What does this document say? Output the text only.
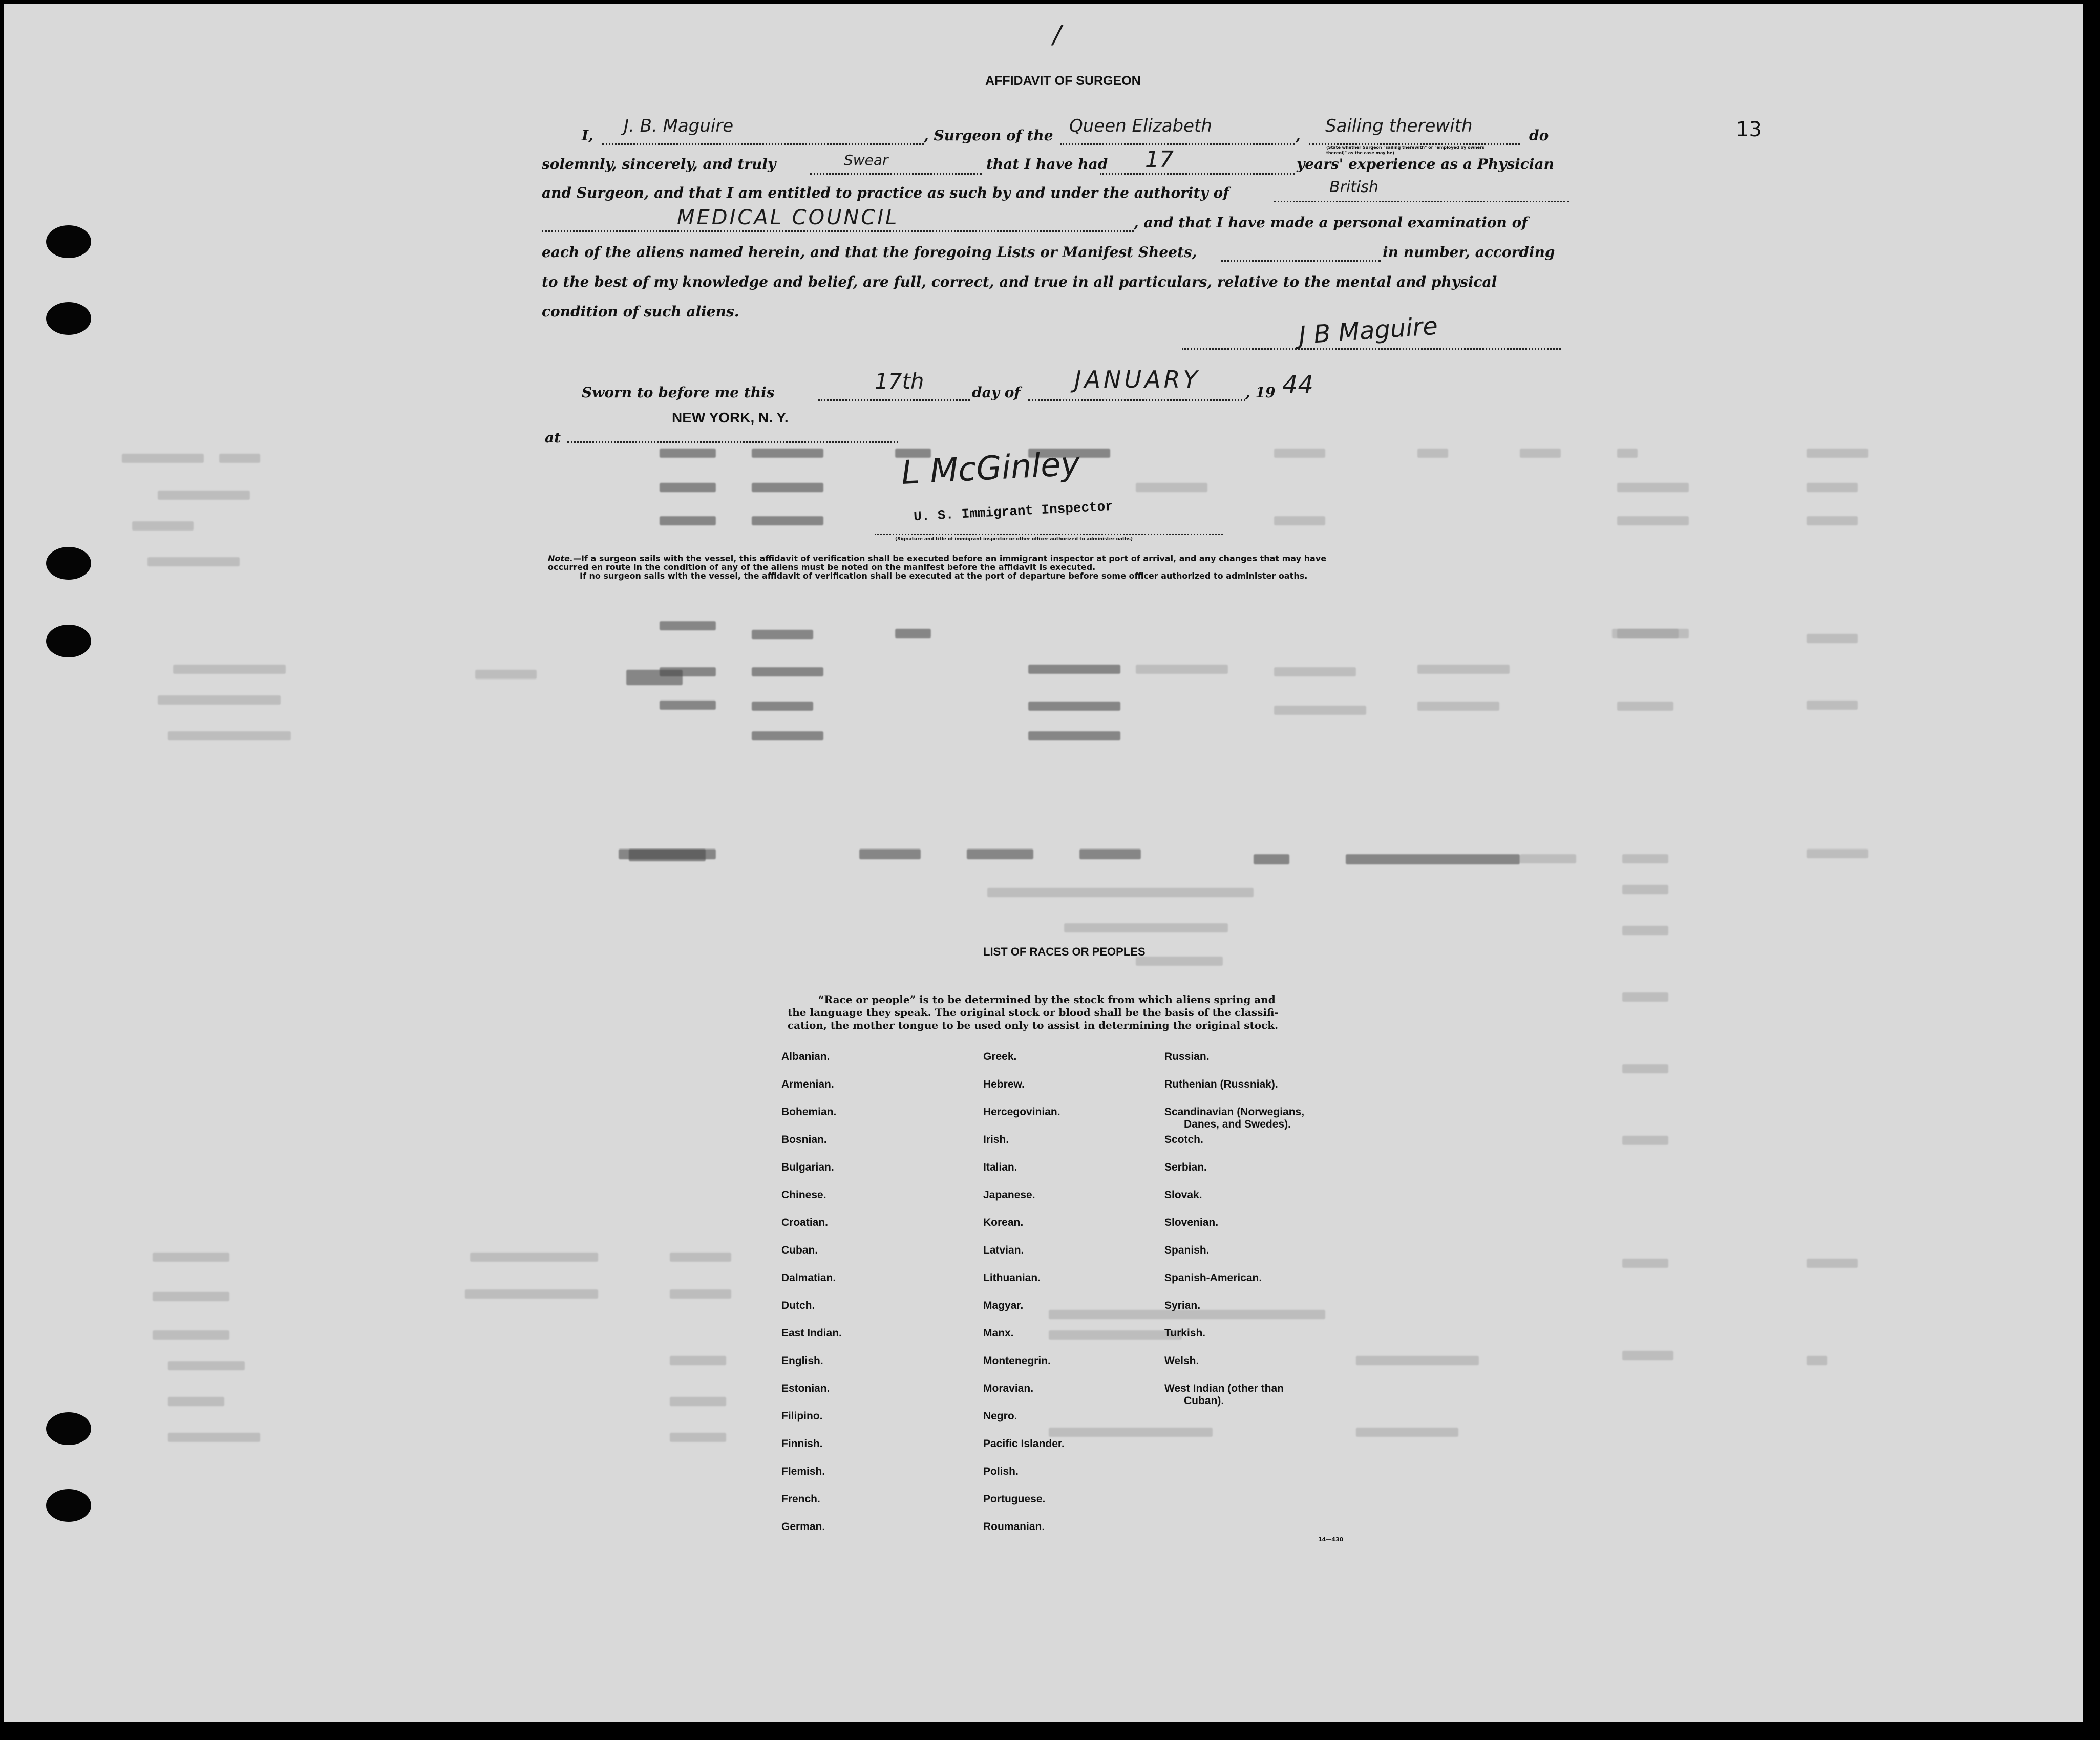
/
AFFIDAVIT OF SURGEON
13
I, J. B. Maguire	, Surgeon of the Queen Elizabeth	, Sailing therewith
(State whether Surgeon "sailing therewith" or "employed by owners thereof," as the case may be)
do
solemnly, sincerely, and truly	Swear	that I have had 17	years' experience as a Physician
and Surgeon, and that I am entitled to practice as such by and under the authority of	British
MEDICAL COUNCIL	, and that I have made a personal examination of
each of the aliens named herein, and that the foregoing Lists or Manifest Sheets,	in number, according
to the best of my knowledge and belief, are full, correct, and true in all particulars, relative to the mental and physical
condition of such aliens.
J B Maguire
Sworn to before me this	17th	day of JANUARY	, 19 44
at
NEW YORK, N. Y.
L McGinley
U. S. Immigrant Inspector
(Signature and title of immigrant inspector or other officer authorized to administer oaths)
Note.—If a surgeon sails with the vessel, this affidavit of verification shall be executed before an immigrant inspector at port of arrival, and any changes that may have
occurred en route in the condition of any of the aliens must be noted on the manifest before the affidavit is executed.
If no surgeon sails with the vessel, the affidavit of verification shall be executed at the port of departure before some officer authorized to administer oaths.
LIST OF RACES OR PEOPLES
“Race or people” is to be determined by the stock from which aliens spring and
the language they speak. The original stock or blood shall be the basis of the classifi-
cation, the mother tongue to be used only to assist in determining the original stock.
Albanian.
Armenian.
Bohemian.
Bosnian.
Bulgarian.
Chinese.
Croatian.
Cuban.
Dalmatian.
Dutch.
East Indian.
English.
Estonian.
Filipino.
Finnish.
Flemish.
French.
German.
Greek.
Hebrew.
Hercegovinian.
Irish.
Italian.
Japanese.
Korean.
Latvian.
Lithuanian.
Magyar.
Manx.
Montenegrin.
Moravian.
Negro.
Pacific Islander.
Polish.
Portuguese.
Roumanian.
Russian.
Ruthenian (Russniak).
Scandinavian (Norwegians,
Danes, and Swedes).
Scotch.
Serbian.
Slovak.
Slovenian.
Spanish.
Spanish-American.
Syrian.
Turkish.
Welsh.
West Indian (other than
Cuban).
14—430
